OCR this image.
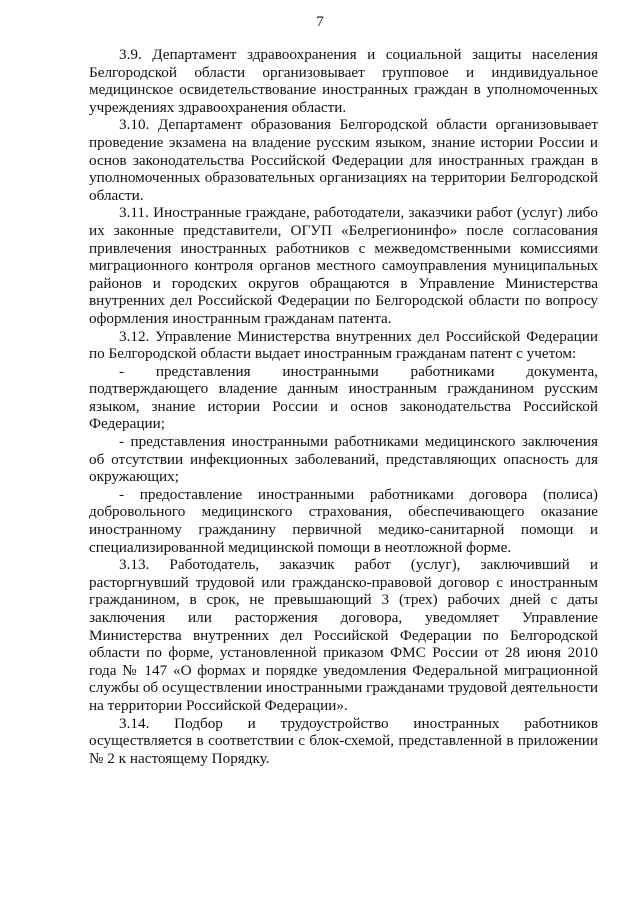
7

3.9. Департамент здравоохранения и социальной защиты населения Белгородской области организовывает групповое и индивидуальное медицинское освидетельствование иностранных граждан в уполномоченных учреждениях здравоохранения области.

3.10. Департамент образования Белгородской области организовывает проведение экзамена на владение русским языком, знание истории России и основ законодательства Российской Федерации для иностранных граждан в уполномоченных образовательных организациях на территории Белгородской области.

3.11. Иностранные граждане, работодатели, заказчики работ (услуг) либо их законные представители, ОГУП «Белрегионинфо» после согласования привлечения иностранных работников с межведомственными комиссиями миграционного контроля органов местного самоуправления муниципальных районов и городских округов обращаются в Управление Министерства внутренних дел Российской Федерации по Белгородской области по вопросу оформления иностранным гражданам патента.

3.12. Управление Министерства внутренних дел Российской Федерации по Белгородской области выдает иностранным гражданам патент с учетом:

- представления иностранными работниками документа, подтверждающего владение данным иностранным гражданином русским языком, знание истории России и основ законодательства Российской Федерации;

- представления иностранными работниками медицинского заключения об отсутствии инфекционных заболеваний, представляющих опасность для окружающих;

- предоставление иностранными работниками договора (полиса) добровольного медицинского страхования, обеспечивающего оказание иностранному гражданину первичной медико-санитарной помощи и специализированной медицинской помощи в неотложной форме.

3.13. Работодатель, заказчик работ (услуг), заключивший и расторгнувший трудовой или гражданско-правовой договор с иностранным гражданином, в срок, не превышающий 3 (трех) рабочих дней с даты заключения или расторжения договора, уведомляет Управление Министерства внутренних дел Российской Федерации по Белгородской области по форме, установленной приказом ФМС России от 28 июня 2010 года № 147 «О формах и порядке уведомления Федеральной миграционной службы об осуществлении иностранными гражданами трудовой деятельности на территории Российской Федерации».

3.14. Подбор и трудоустройство иностранных работников осуществляется в соответствии с блок-схемой, представленной в приложении № 2 к настоящему Порядку.
